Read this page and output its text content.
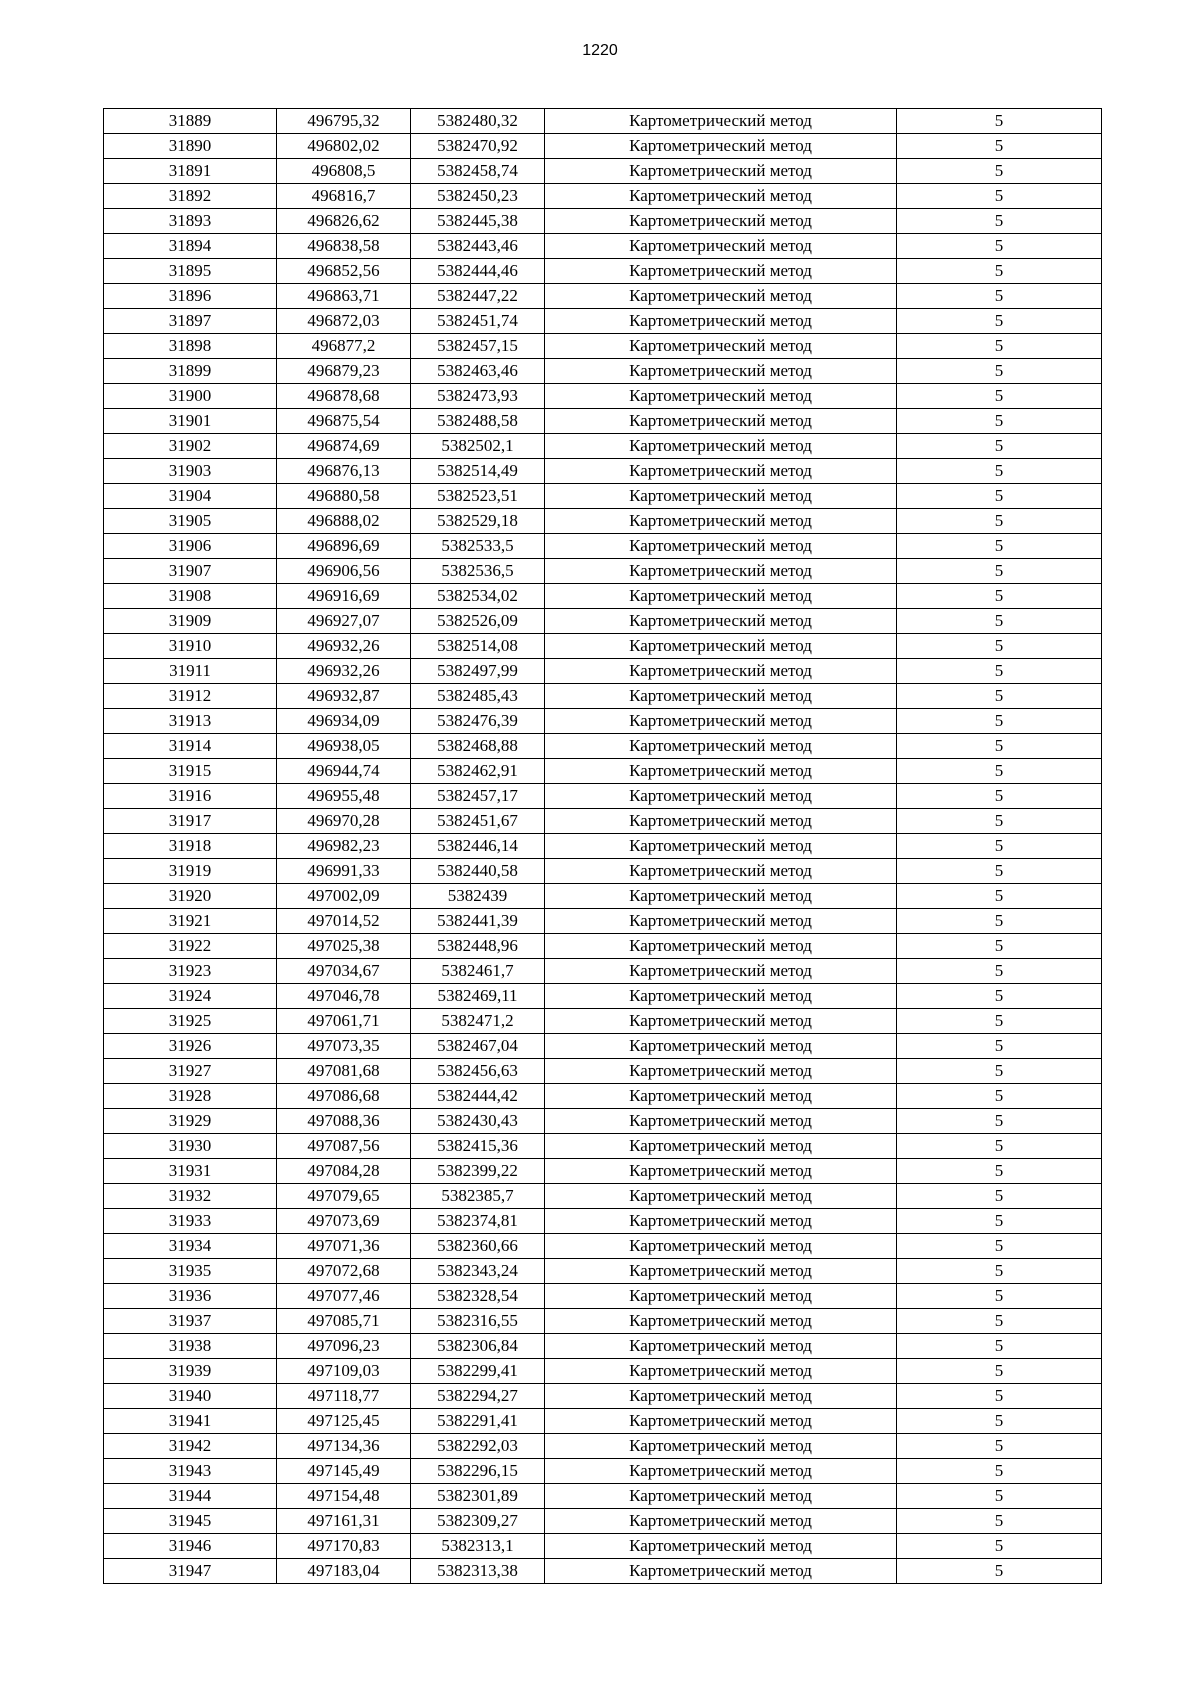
1220
31889	496795,32	5382480,32	Картометрический метод	5
31890	496802,02	5382470,92	Картометрический метод	5
31891	496808,5	5382458,74	Картометрический метод	5
31892	496816,7	5382450,23	Картометрический метод	5
31893	496826,62	5382445,38	Картометрический метод	5
31894	496838,58	5382443,46	Картометрический метод	5
31895	496852,56	5382444,46	Картометрический метод	5
31896	496863,71	5382447,22	Картометрический метод	5
31897	496872,03	5382451,74	Картометрический метод	5
31898	496877,2	5382457,15	Картометрический метод	5
31899	496879,23	5382463,46	Картометрический метод	5
31900	496878,68	5382473,93	Картометрический метод	5
31901	496875,54	5382488,58	Картометрический метод	5
31902	496874,69	5382502,1	Картометрический метод	5
31903	496876,13	5382514,49	Картометрический метод	5
31904	496880,58	5382523,51	Картометрический метод	5
31905	496888,02	5382529,18	Картометрический метод	5
31906	496896,69	5382533,5	Картометрический метод	5
31907	496906,56	5382536,5	Картометрический метод	5
31908	496916,69	5382534,02	Картометрический метод	5
31909	496927,07	5382526,09	Картометрический метод	5
31910	496932,26	5382514,08	Картометрический метод	5
31911	496932,26	5382497,99	Картометрический метод	5
31912	496932,87	5382485,43	Картометрический метод	5
31913	496934,09	5382476,39	Картометрический метод	5
31914	496938,05	5382468,88	Картометрический метод	5
31915	496944,74	5382462,91	Картометрический метод	5
31916	496955,48	5382457,17	Картометрический метод	5
31917	496970,28	5382451,67	Картометрический метод	5
31918	496982,23	5382446,14	Картометрический метод	5
31919	496991,33	5382440,58	Картометрический метод	5
31920	497002,09	5382439	Картометрический метод	5
31921	497014,52	5382441,39	Картометрический метод	5
31922	497025,38	5382448,96	Картометрический метод	5
31923	497034,67	5382461,7	Картометрический метод	5
31924	497046,78	5382469,11	Картометрический метод	5
31925	497061,71	5382471,2	Картометрический метод	5
31926	497073,35	5382467,04	Картометрический метод	5
31927	497081,68	5382456,63	Картометрический метод	5
31928	497086,68	5382444,42	Картометрический метод	5
31929	497088,36	5382430,43	Картометрический метод	5
31930	497087,56	5382415,36	Картометрический метод	5
31931	497084,28	5382399,22	Картометрический метод	5
31932	497079,65	5382385,7	Картометрический метод	5
31933	497073,69	5382374,81	Картометрический метод	5
31934	497071,36	5382360,66	Картометрический метод	5
31935	497072,68	5382343,24	Картометрический метод	5
31936	497077,46	5382328,54	Картометрический метод	5
31937	497085,71	5382316,55	Картометрический метод	5
31938	497096,23	5382306,84	Картометрический метод	5
31939	497109,03	5382299,41	Картометрический метод	5
31940	497118,77	5382294,27	Картометрический метод	5
31941	497125,45	5382291,41	Картометрический метод	5
31942	497134,36	5382292,03	Картометрический метод	5
31943	497145,49	5382296,15	Картометрический метод	5
31944	497154,48	5382301,89	Картометрический метод	5
31945	497161,31	5382309,27	Картометрический метод	5
31946	497170,83	5382313,1	Картометрический метод	5
31947	497183,04	5382313,38	Картометрический метод	5
